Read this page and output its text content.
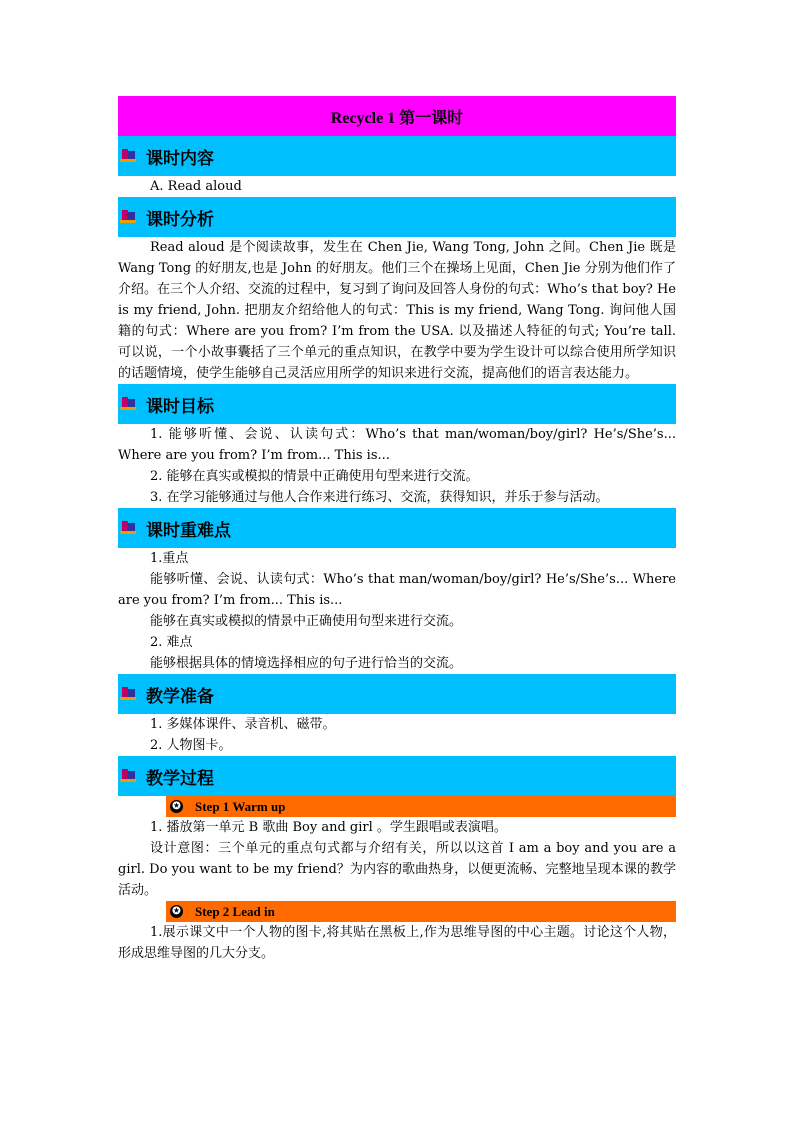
Recycle 1 第一课时
课时内容

A. Read aloud

课时分析

Read aloud 是个阅读故事，发生在 Chen Jie, Wang Tong, John 之间。Chen Jie 既是 Wang Tong 的好朋友,也是 John 的好朋友。他们三个在操场上见面，Chen Jie 分别为他们作了介绍。在三个人介绍、交流的过程中，复习到了询问及回答人身份的句式：Who’s that boy? He is my friend, John. 把朋友介绍给他人的句式：This is my friend, Wang Tong. 询问他人国籍的句式：Where are you from? I’m from the USA. 以及描述人特征的句式; You’re tall. 可以说，一个小故事囊括了三个单元的重点知识，在教学中要为学生设计可以综合使用所学知识的话题情境，使学生能够自己灵活应用所学的知识来进行交流，提高他们的语言表达能力。

课时目标

1. 能够听懂、会说、认读句式：Who’s that man/woman/boy/girl? He’s/She’s... Where are you from? I’m from... This is...

2. 能够在真实或模拟的情景中正确使用句型来进行交流。

3. 在学习能够通过与他人合作来进行练习、交流，获得知识，并乐于参与活动。

课时重难点

1.重点

能够听懂、会说、认读句式：Who’s that man/woman/boy/girl? He’s/She’s... Where are you from? I’m from... This is...

能够在真实或模拟的情景中正确使用句型来进行交流。

2. 难点

能够根据具体的情境选择相应的句子进行恰当的交流。

教学准备

1. 多媒体课件、录音机、磁带。

2. 人物图卡。

教学过程
✪ Step 1 Warm up

1. 播放第一单元 B 歌曲 Boy and girl 。学生跟唱或表演唱。

设计意图：三个单元的重点句式都与介绍有关，所以以这首 I am a boy and you are a girl. Do you want to be my friend？为内容的歌曲热身，以便更流畅、完整地呈现本课的教学活动。

✪ Step 2 Lead in

1.展示课文中一个人物的图卡,将其贴在黑板上,作为思维导图的中心主题。讨论这个人物，形成思维导图的几大分支。
